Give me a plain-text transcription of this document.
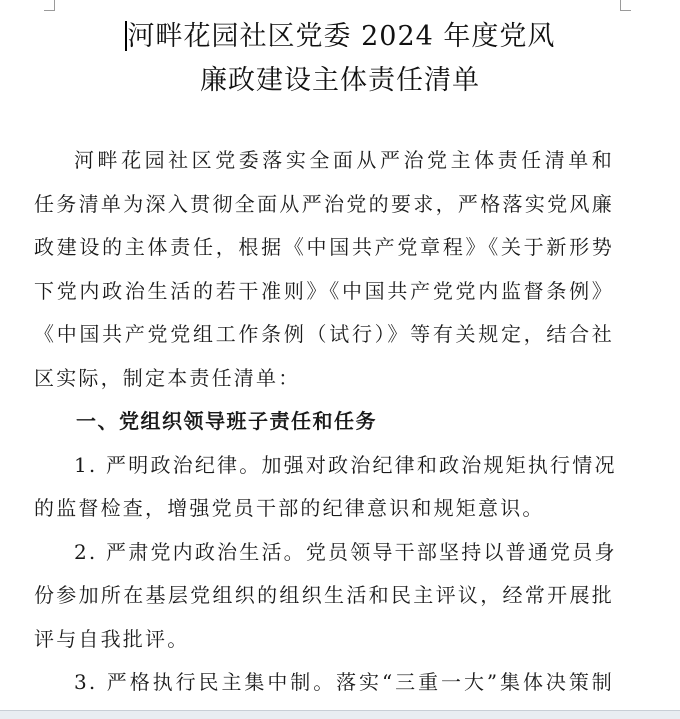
河畔花园社区党委 2024 年度党风
廉政建设主体责任清单
河畔花园社区党委落实全面从严治党主体责任清单和
任务清单为深入贯彻全面从严治党的要求，严格落实党风廉
政建设的主体责任，根据《中国共产党章程》《关于新形势
下党内政治生活的若干准则》《中国共产党党内监督条例》
《中国共产党党组工作条例（试行）》等有关规定，结合社
区实际，制定本责任清单：
一、党组织领导班子责任和任务
1. 严明政治纪律。加强对政治纪律和政治规矩执行情况
的监督检查，增强党员干部的纪律意识和规矩意识。
2. 严肃党内政治生活。党员领导干部坚持以普通党员身
份参加所在基层党组织的组织生活和民主评议，经常开展批
评与自我批评。
3. 严格执行民主集中制。落实“三重一大”集体决策制
